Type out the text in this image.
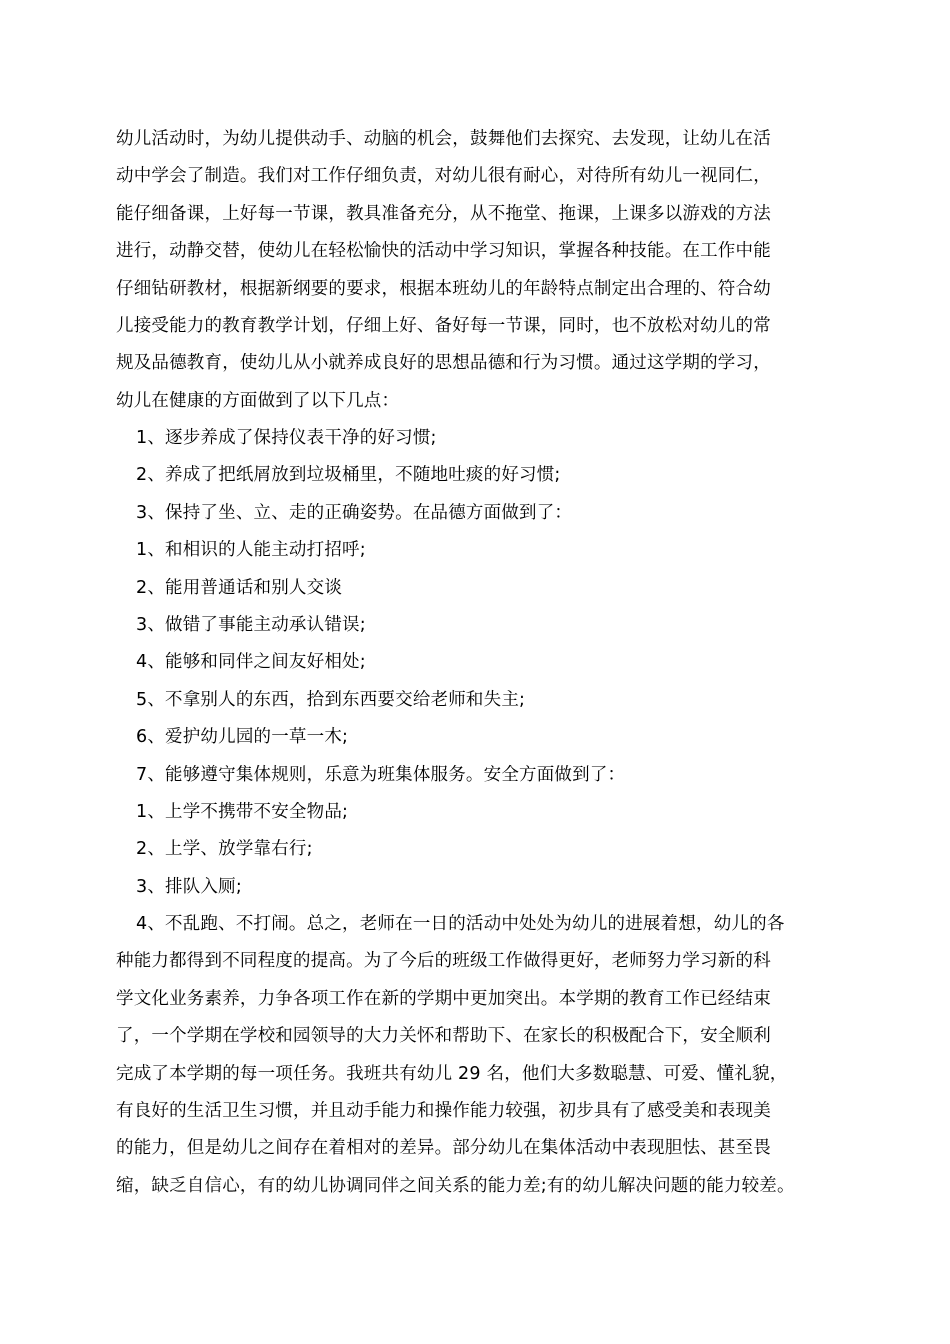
幼儿活动时，为幼儿提供动手、动脑的机会，鼓舞他们去探究、去发现，让幼儿在活
动中学会了制造。我们对工作仔细负责，对幼儿很有耐心，对待所有幼儿一视同仁，
能仔细备课，上好每一节课，教具准备充分，从不拖堂、拖课，上课多以游戏的方法
进行，动静交替，使幼儿在轻松愉快的活动中学习知识，掌握各种技能。在工作中能
仔细钻研教材，根据新纲要的要求，根据本班幼儿的年龄特点制定出合理的、符合幼
儿接受能力的教育教学计划，仔细上好、备好每一节课，同时，也不放松对幼儿的常
规及品德教育，使幼儿从小就养成良好的思想品德和行为习惯。通过这学期的学习，
幼儿在健康的方面做到了以下几点：
1、逐步养成了保持仪表干净的好习惯;
2、养成了把纸屑放到垃圾桶里，不随地吐痰的好习惯;
3、保持了坐、立、走的正确姿势。在品德方面做到了：
1、和相识的人能主动打招呼;
2、能用普通话和别人交谈
3、做错了事能主动承认错误;
4、能够和同伴之间友好相处;
5、不拿别人的东西，拾到东西要交给老师和失主;
6、爱护幼儿园的一草一木;
7、能够遵守集体规则，乐意为班集体服务。安全方面做到了：
1、上学不携带不安全物品;
2、上学、放学靠右行;
3、排队入厕;
4、不乱跑、不打闹。总之，老师在一日的活动中处处为幼儿的进展着想，幼儿的各
种能力都得到不同程度的提高。为了今后的班级工作做得更好，老师努力学习新的科
学文化业务素养，力争各项工作在新的学期中更加突出。本学期的教育工作已经结束
了，一个学期在学校和园领导的大力关怀和帮助下、在家长的积极配合下，安全顺利
完成了本学期的每一项任务。我班共有幼儿 29 名，他们大多数聪慧、可爱、懂礼貌，
有良好的生活卫生习惯，并且动手能力和操作能力较强，初步具有了感受美和表现美
的能力，但是幼儿之间存在着相对的差异。部分幼儿在集体活动中表现胆怯、甚至畏
缩，缺乏自信心，有的幼儿协调同伴之间关系的能力差;有的幼儿解决问题的能力较差。
